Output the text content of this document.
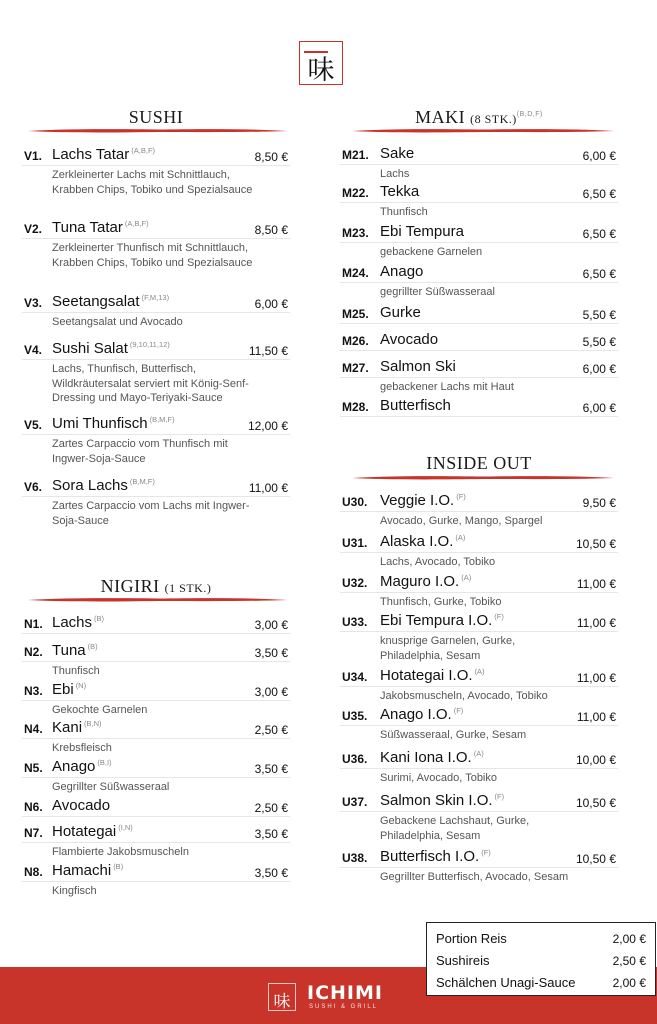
味
SUSHI
V1. Lachs Tatar $^{(A,B,F)}$	8,50 €
Zerkleinerter Lachs mit Schnittlauch, Krabben Chips, Tobiko und Spezialsauce
V2. Tuna Tatar $^{(A,B,F)}$	8,50 €
Zerkleinerter Thunfisch mit Schnittlauch, Krabben Chips, Tobiko und Spezialsauce
V3. Seetangsalat $^{(F,M,13)}$	6,00 €
Seetangsalat und Avocado
V4. Sushi Salat $^{(9,10,11,12)}$	11,50 €
Lachs, Thunfisch, Butterfisch, Wildkräutersalat serviert mit König-Senf-Dressing und Mayo-Teriyaki-Sauce
V5. Umi Thunfisch $^{(B,M,F)}$	12,00 €
Zartes Carpaccio vom Thunfisch mit Ingwer-Soja-Sauce
V6. Sora Lachs $^{(B,M,F)}$	11,00 €
Zartes Carpaccio vom Lachs mit Ingwer-Soja-Sauce
NIGIRI (1 STK.)
N1. Lachs $^{(B)}$	3,00 €
N2. Tuna $^{(B)}$	3,50 €
Thunfisch
N3. Ebi $^{(N)}$	3,00 €
Gekochte Garnelen
N4. Kani $^{(B,N)}$	2,50 €
Krebsfleisch
N5. Anago $^{(B,I)}$	3,50 €
Gegrillter Süßwasseraal
N6. Avocado	2,50 €
N7. Hotategai $^{(I,N)}$	3,50 €
Flambierte Jakobsmuscheln
N8. Hamachi $^{(B)}$	3,50 €
Kingfisch
MAKI (8 STK.)$^{(B,D,F)}$
M21. Sake	6,00 €
Lachs
M22. Tekka	6,50 €
Thunfisch
M23. Ebi Tempura	6,50 €
gebackene Garnelen
M24. Anago	6,50 €
gegrillter Süßwasseraal
M25. Gurke	5,50 €
M26. Avocado	5,50 €
M27. Salmon Ski	6,00 €
gebackener Lachs mit Haut
M28. Butterfisch	6,00 €
INSIDE OUT
U30. Veggie I.O. $^{(F)}$	9,50 €
Avocado, Gurke, Mango, Spargel
U31. Alaska I.O. $^{(A)}$	10,50 €
Lachs, Avocado, Tobiko
U32. Maguro I.O. $^{(A)}$	11,00 €
Thunfisch, Gurke, Tobiko
U33. Ebi Tempura I.O. $^{(F)}$	11,00 €
knusprige Garnelen, Gurke, Philadelphia, Sesam
U34. Hotategai I.O. $^{(A)}$	11,00 €
Jakobsmuscheln, Avocado, Tobiko
U35. Anago I.O. $^{(F)}$	11,00 €
Süßwasseraal, Gurke, Sesam
U36. Kani Iona I.O. $^{(A)}$	10,00 €
Surimi, Avocado, Tobiko
U37. Salmon Skin I.O. $^{(F)}$	10,50 €
Gebackene Lachshaut, Gurke, Philadelphia, Sesam
U38. Butterfisch I.O. $^{(F)}$	10,50 €
Gegrillter Butterfisch, Avocado, Sesam
Portion Reis	2,00 €
Sushireis	2,50 €
Schälchen Unagi-Sauce	2,00 €
味 ICHIMI
SUSHI & GRILL
